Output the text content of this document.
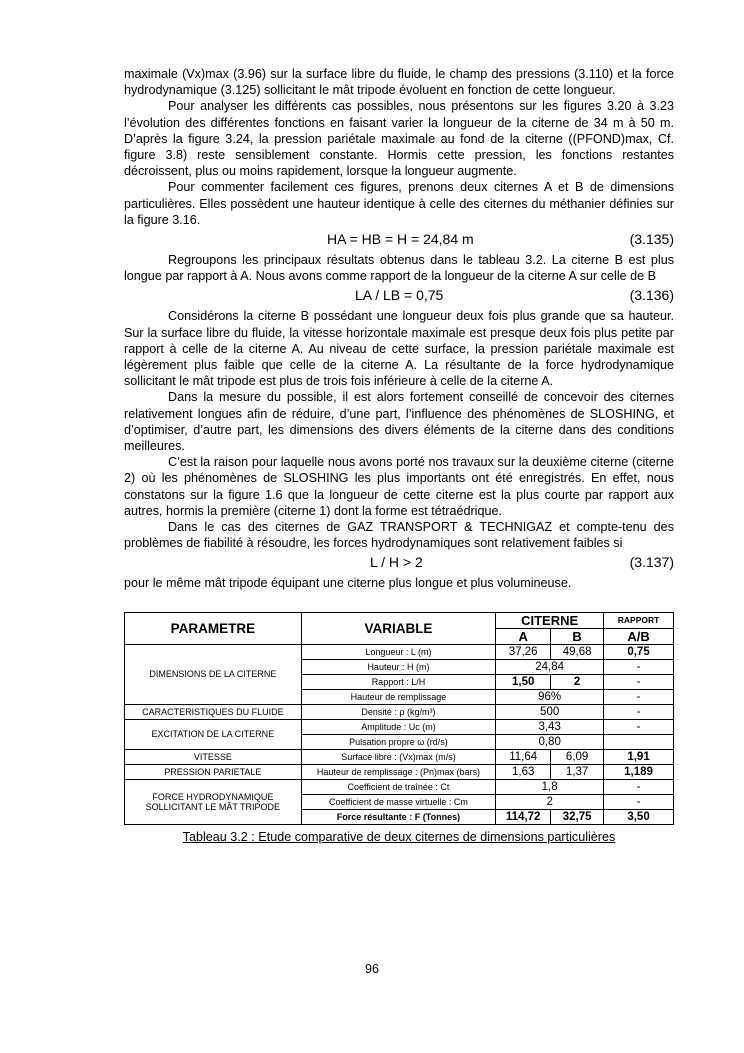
maximale (Vx)max (3.96) sur la surface libre du fluide, le champ des pressions (3.110) et la force hydrodynamique (3.125) sollicitant le mât tripode évoluent en fonction de cette longueur.

Pour analyser les différents cas possibles, nous présentons sur les figures 3.20 à 3.23 l’évolution des différentes fonctions en faisant varier la longueur de la citerne de 34 m à 50 m. D’après la figure 3.24, la pression pariétale maximale au fond de la citerne ((PFOND)max, Cf. figure 3.8) reste sensiblement constante. Hormis cette pression, les fonctions restantes décroissent, plus ou moins rapidement, lorsque la longueur augmente.

Pour commenter facilement ces figures, prenons deux citernes A et B de dimensions particulières. Elles possèdent une hauteur identique à celle des citernes du méthanier définies sur la figure 3.16.

HA = HB = H = 24,84 m	(3.135)

Regroupons les principaux résultats obtenus dans le tableau 3.2. La citerne B est plus longue par rapport à A. Nous avons comme rapport de la longueur de la citerne A sur celle de B

LA / LB = 0,75	(3.136)

Considérons la citerne B possédant une longueur deux fois plus grande que sa hauteur. Sur la surface libre du fluide, la vitesse horizontale maximale est presque deux fois plus petite par rapport à celle de la citerne A. Au niveau de cette surface, la pression pariétale maximale est légèrement plus faible que celle de la citerne A. La résultante de la force hydrodynamique sollicitant le mât tripode est plus de trois fois inférieure à celle de la citerne A.

Dans la mesure du possible, il est alors fortement conseillé de concevoir des citernes relativement longues afin de réduire, d’une part, l’influence des phénomènes de SLOSHING, et d’optimiser, d’autre part, les dimensions des divers éléments de la citerne dans des conditions meilleures.

C’est la raison pour laquelle nous avons porté nos travaux sur la deuxième citerne (citerne 2) où les phénomènes de SLOSHING les plus importants ont été enregistrés. En effet, nous constatons sur la figure 1.6 que la longueur de cette citerne est la plus courte par rapport aux autres, hormis la première (citerne 1) dont la forme est tétraédrique.

Dans le cas des citernes de GAZ TRANSPORT & TECHNIGAZ et compte-tenu des problèmes de fiabilité à résoudre, les forces hydrodynamiques sont relativement faibles si

L / H > 2	(3.137)

pour le même mât tripode équipant une citerne plus longue et plus volumineuse.

PARAMETRE	VARIABLE	CITERNE		RAPPORT
		A	B	A/B
DIMENSIONS DE LA CITERNE	Longueur : L (m)	37,26	49,68	0,75
	Hauteur : H (m)	24,84		-
	Rapport : L/H	1,50	2	-
	Hauteur de remplissage	96%		-
CARACTERISTIQUES DU FLUIDE	Densité : ρ (kg/m³)	500		-
EXCITATION DE LA CITERNE	Amplitude : Uc (m)	3,43		-
	Pulsation propre ω (rd/s)	0,80		
VITESSE	Surface libre : (Vx)max (m/s)	11,64	6,09	1,91
PRESSION PARIETALE	Hauteur de remplissage : (Pn)max (bars)	1,63	1,37	1,189
FORCE HYDRODYNAMIQUE SOLLICITANT LE MÂT TRIPODE	Coefficient de traînée : Ct	1,8		-
	Coefficient de masse virtuelle : Cm	2		-
	Force résultante : F (Tonnes)	114,72	32,75	3,50
Tableau 3.2 : Etude comparative de deux citernes de dimensions particulières
96
